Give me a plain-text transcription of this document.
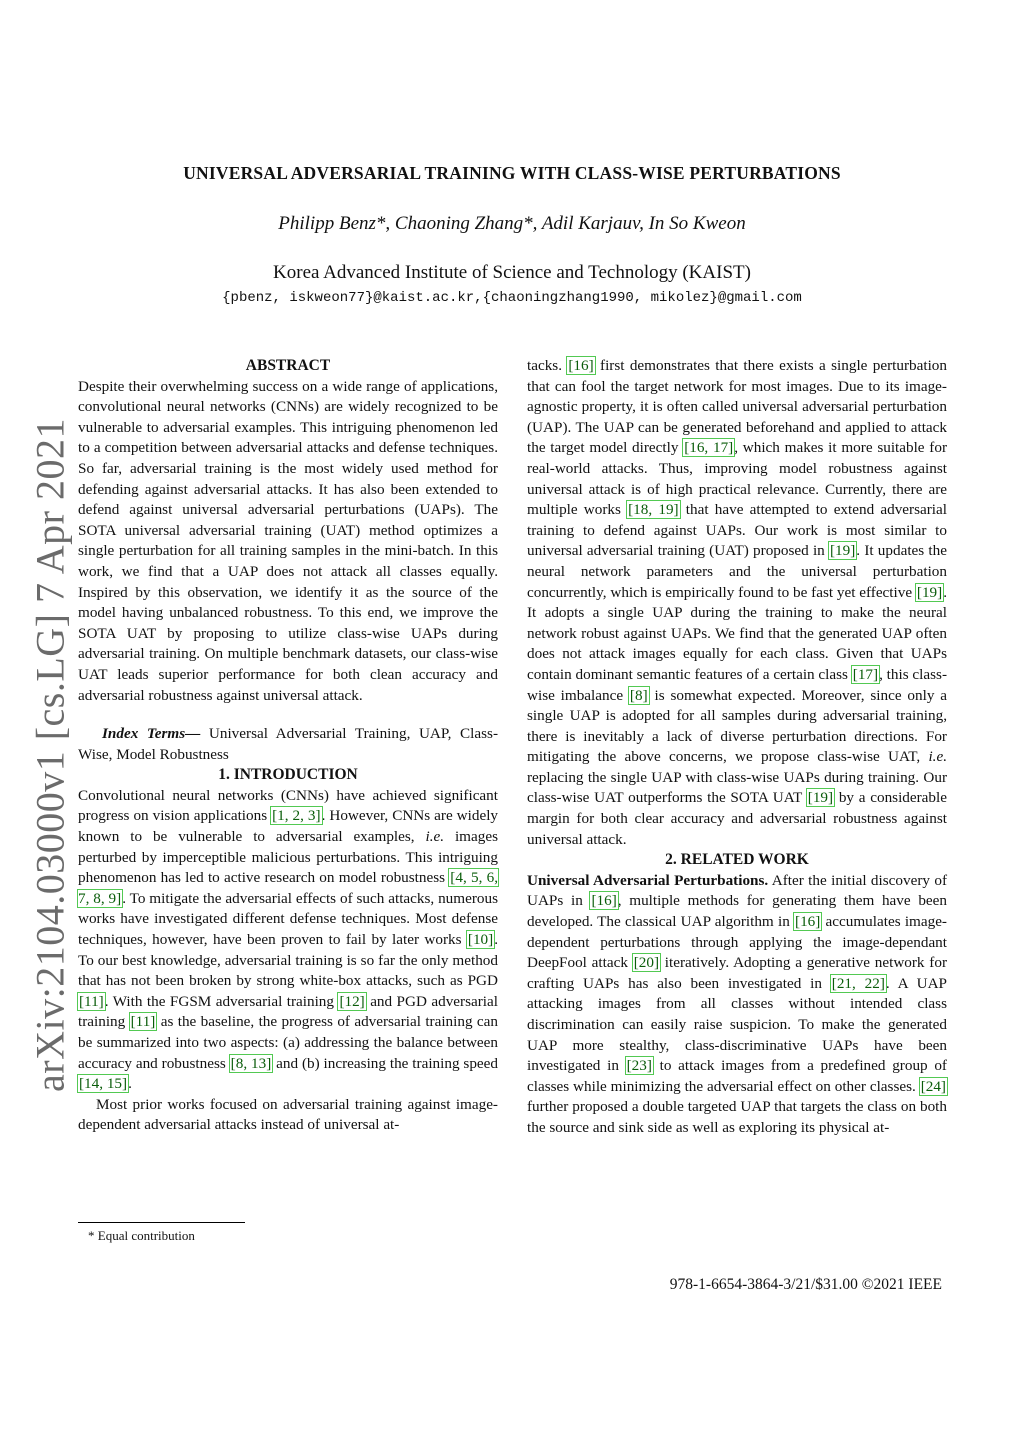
arXiv:2104.03000v1 [cs.LG] 7 Apr 2021
UNIVERSAL ADVERSARIAL TRAINING WITH CLASS-WISE PERTURBATIONS
Philipp Benz*, Chaoning Zhang*, Adil Karjauv, In So Kweon
Korea Advanced Institute of Science and Technology (KAIST)
{pbenz, iskweon77}@kaist.ac.kr,{chaoningzhang1990, mikolez}@gmail.com

ABSTRACT

Despite their overwhelming success on a wide range of applications, convolutional neural networks (CNNs) are widely recognized to be vulnerable to adversarial examples. This intriguing phenomenon led to a competition between adversarial attacks and defense techniques. So far, adversarial training is the most widely used method for defending against adversarial attacks. It has also been extended to defend against universal adversarial perturbations (UAPs). The SOTA universal adversarial training (UAT) method optimizes a single perturbation for all training samples in the mini-batch. In this work, we find that a UAP does not attack all classes equally. Inspired by this observation, we identify it as the source of the model having unbalanced robustness. To this end, we improve the SOTA UAT by proposing to utilize class-wise UAPs during adversarial training. On multiple benchmark datasets, our class-wise UAT leads superior performance for both clean accuracy and adversarial robustness against universal attack.

Index Terms— Universal Adversarial Training, UAP, Class-Wise, Model Robustness

1. INTRODUCTION

Convolutional neural networks (CNNs) have achieved significant progress on vision applications [1, 2, 3]. However, CNNs are widely known to be vulnerable to adversarial examples, i.e. images perturbed by imperceptible malicious perturbations. This intriguing phenomenon has led to active research on model robustness [4, 5, 6, 7, 8, 9]. To mitigate the adversarial effects of such attacks, numerous works have investigated different defense techniques. Most defense techniques, however, have been proven to fail by later works [10]. To our best knowledge, adversarial training is so far the only method that has not been broken by strong white-box attacks, such as PGD [11]. With the FGSM adversarial training [12] and PGD adversarial training [11] as the baseline, the progress of adversarial training can be summarized into two aspects: (a) addressing the balance between accuracy and robustness [8, 13] and (b) increasing the training speed [14, 15].

Most prior works focused on adversarial training against image-dependent adversarial attacks instead of universal at-

* Equal contribution

tacks. [16] first demonstrates that there exists a single perturbation that can fool the target network for most images. Due to its image-agnostic property, it is often called universal adversarial perturbation (UAP). The UAP can be generated beforehand and applied to attack the target model directly [16, 17], which makes it more suitable for real-world attacks. Thus, improving model robustness against universal attack is of high practical relevance. Currently, there are multiple works [18, 19] that have attempted to extend adversarial training to defend against UAPs. Our work is most similar to universal adversarial training (UAT) proposed in [19]. It updates the neural network parameters and the universal perturbation concurrently, which is empirically found to be fast yet effective [19]. It adopts a single UAP during the training to make the neural network robust against UAPs. We find that the generated UAP often does not attack images equally for each class. Given that UAPs contain dominant semantic features of a certain class [17], this class-wise imbalance [8] is somewhat expected. Moreover, since only a single UAP is adopted for all samples during adversarial training, there is inevitably a lack of diverse perturbation directions. For mitigating the above concerns, we propose class-wise UAT, i.e. replacing the single UAP with class-wise UAPs during training. Our class-wise UAT outperforms the SOTA UAT [19] by a considerable margin for both clear accuracy and adversarial robustness against universal attack.

2. RELATED WORK

Universal Adversarial Perturbations. After the initial discovery of UAPs in [16], multiple methods for generating them have been developed. The classical UAP algorithm in [16] accumulates image-dependent perturbations through applying the image-dependant DeepFool attack [20] iteratively. Adopting a generative network for crafting UAPs has also been investigated in [21, 22]. A UAP attacking images from all classes without intended class discrimination can easily raise suspicion. To make the generated UAP more stealthy, class-discriminative UAPs have been investigated in [23] to attack images from a predefined group of classes while minimizing the adversarial effect on other classes. [24] further proposed a double targeted UAP that targets the class on both the source and sink side as well as exploring its physical at-

978-1-6654-3864-3/21/$31.00 ©2021 IEEE
